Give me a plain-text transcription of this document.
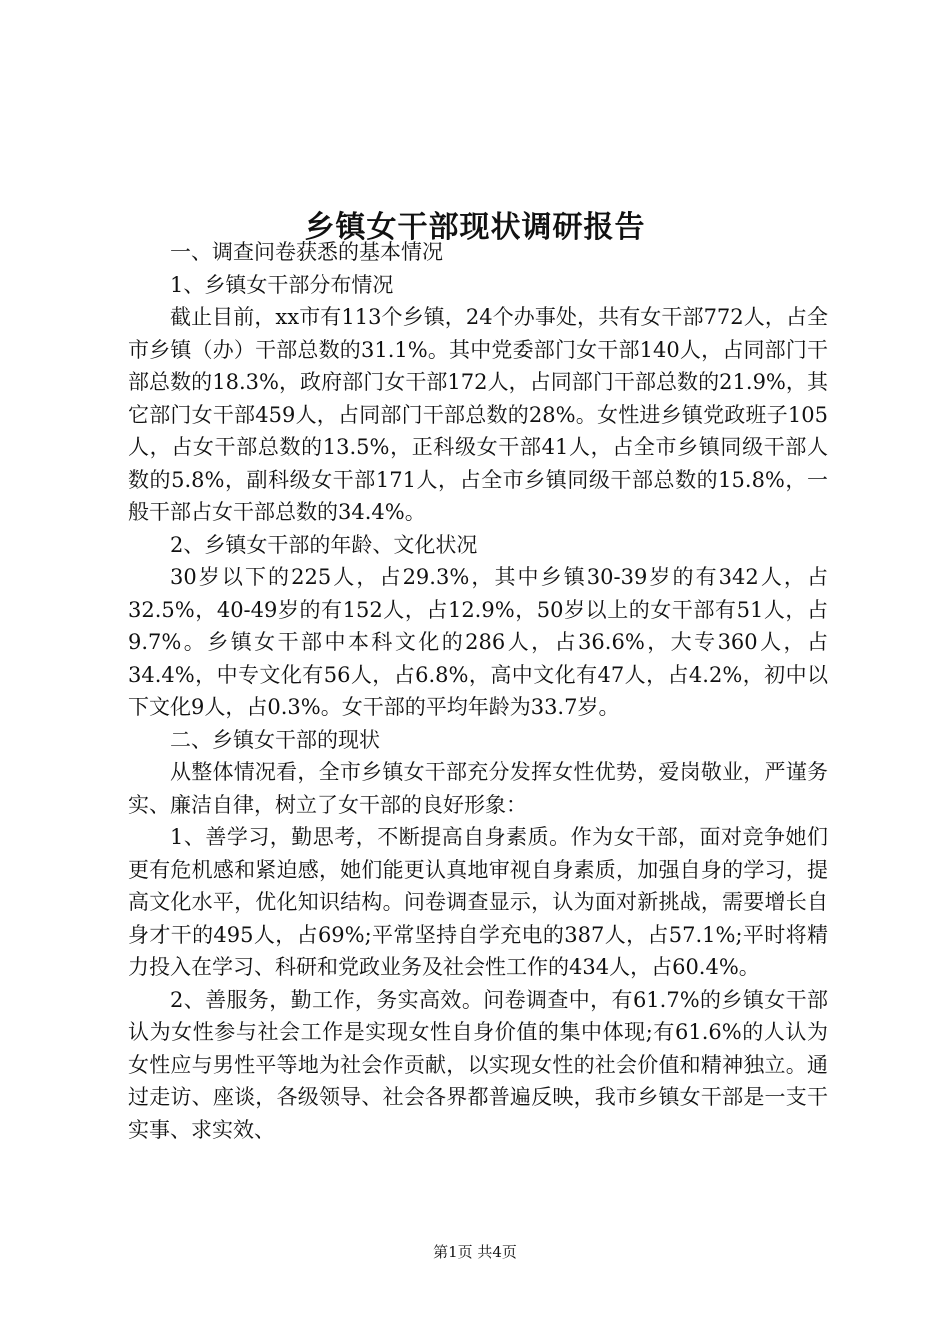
乡镇女干部现状调研报告

一、调查问卷获悉的基本情况

1、乡镇女干部分布情况

截止目前，xx市有113个乡镇，24个办事处，共有女干部772人，占全市乡镇（办）干部总数的31.1%。其中党委部门女干部140人，占同部门干部总数的18.3%，政府部门女干部172人，占同部门干部总数的21.9%，其它部门女干部459人，占同部门干部总数的28%。女性进乡镇党政班子105人，占女干部总数的13.5%，正科级女干部41人，占全市乡镇同级干部人数的5.8%，副科级女干部171人，占全市乡镇同级干部总数的15.8%，一般干部占女干部总数的34.4%。

2、乡镇女干部的年龄、文化状况

30岁以下的225人，占29.3%，其中乡镇30-39岁的有342人，占32.5%，40-49岁的有152人，占12.9%，50岁以上的女干部有51人，占9.7%。乡镇女干部中本科文化的286人，占36.6%，大专360人，占34.4%，中专文化有56人，占6.8%，高中文化有47人，占4.2%，初中以下文化9人，占0.3%。女干部的平均年龄为33.7岁。

二、乡镇女干部的现状

从整体情况看，全市乡镇女干部充分发挥女性优势，爱岗敬业，严谨务实、廉洁自律，树立了女干部的良好形象：

1、善学习，勤思考，不断提高自身素质。作为女干部，面对竞争她们更有危机感和紧迫感，她们能更认真地审视自身素质，加强自身的学习，提高文化水平，优化知识结构。问卷调查显示，认为面对新挑战，需要增长自身才干的495人，占69%;平常坚持自学充电的387人，占57.1%;平时将精力投入在学习、科研和党政业务及社会性工作的434人，占60.4%。

2、善服务，勤工作，务实高效。问卷调查中，有61.7%的乡镇女干部认为女性参与社会工作是实现女性自身价值的集中体现;有61.6%的人认为女性应与男性平等地为社会作贡献，以实现女性的社会价值和精神独立。通过走访、座谈，各级领导、社会各界都普遍反映，我市乡镇女干部是一支干实事、求实效、

第1页 共4页
